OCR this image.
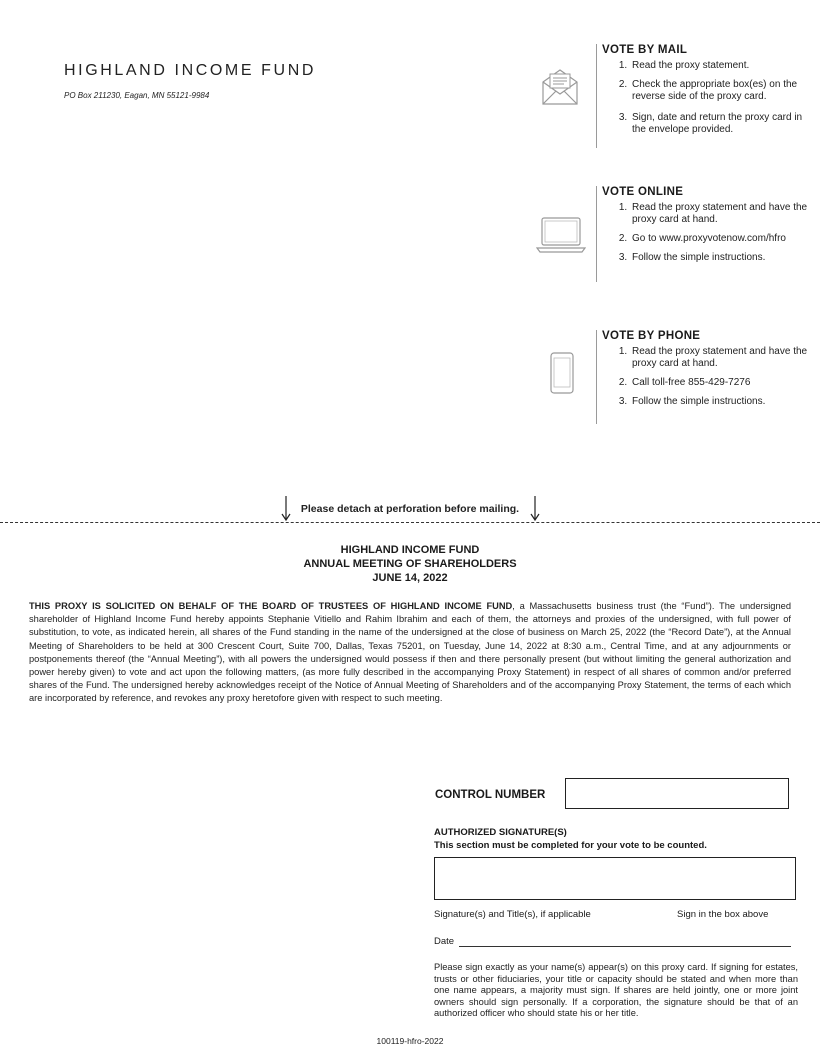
HIGHLAND INCOME FUND
PO Box 211230, Eagan, MN 55121-9984
VOTE BY MAIL
1. Read the proxy statement.
2. Check the appropriate box(es) on the reverse side of the proxy card.
3. Sign, date and return the proxy card in the envelope provided.
VOTE ONLINE
1. Read the proxy statement and have the proxy card at hand.
2. Go to www.proxyvotenow.com/hfro
3. Follow the simple instructions.
VOTE BY PHONE
1. Read the proxy statement and have the proxy card at hand.
2. Call toll-free 855-429-7276
3. Follow the simple instructions.
Please detach at perforation before mailing.
HIGHLAND INCOME FUND
ANNUAL MEETING OF SHAREHOLDERS
JUNE 14, 2022
THIS PROXY IS SOLICITED ON BEHALF OF THE BOARD OF TRUSTEES OF HIGHLAND INCOME FUND, a Massachusetts business trust (the “Fund”). The undersigned shareholder of Highland Income Fund hereby appoints Stephanie Vitiello and Rahim Ibrahim and each of them, the attorneys and proxies of the undersigned, with full power of substitution, to vote, as indicated herein, all shares of the Fund standing in the name of the undersigned at the close of business on March 25, 2022 (the “Record Date”), at the Annual Meeting of Shareholders to be held at 300 Crescent Court, Suite 700, Dallas, Texas 75201, on Tuesday, June 14, 2022 at 8:30 a.m., Central Time, and at any adjournments or postponements thereof (the “Annual Meeting”), with all powers the undersigned would possess if then and there personally present (but without limiting the general authorization and power hereby given) to vote and act upon the following matters, (as more fully described in the accompanying Proxy Statement) in respect of all shares of common and/or preferred shares of the Fund. The undersigned hereby acknowledges receipt of the Notice of Annual Meeting of Shareholders and of the accompanying Proxy Statement, the terms of each which are incorporated by reference, and revokes any proxy heretofore given with respect to such meeting.
CONTROL NUMBER
AUTHORIZED SIGNATURE(S)
This section must be completed for your vote to be counted.
Signature(s) and Title(s), if applicable	Sign in the box above
Date
Please sign exactly as your name(s) appear(s) on this proxy card. If signing for estates, trusts or other fiduciaries, your title or capacity should be stated and when more than one name appears, a majority must sign. If shares are held jointly, one or more joint owners should sign personally. If a corporation, the signature should be that of an authorized officer who should state his or her title.
100119-hfro-2022
